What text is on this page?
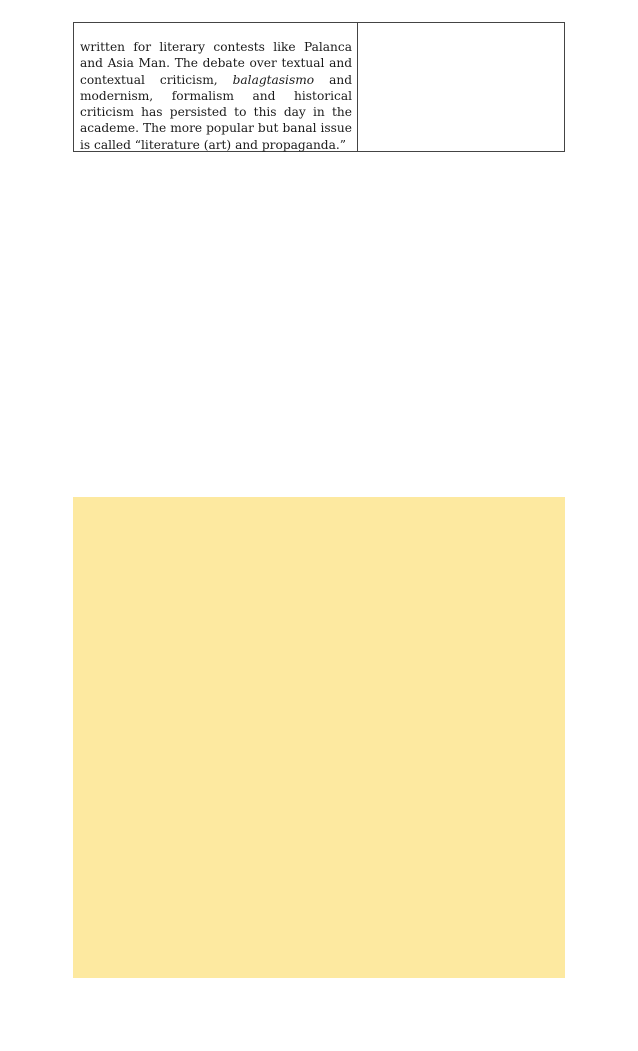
written for literary contests like Palanca and Asia Man. The debate over textual and contextual criticism, balagtasismo and modernism, formalism and historical criticism has persisted to this day in the academe. The more popular but banal issue is called “literature (art) and propaganda.”
